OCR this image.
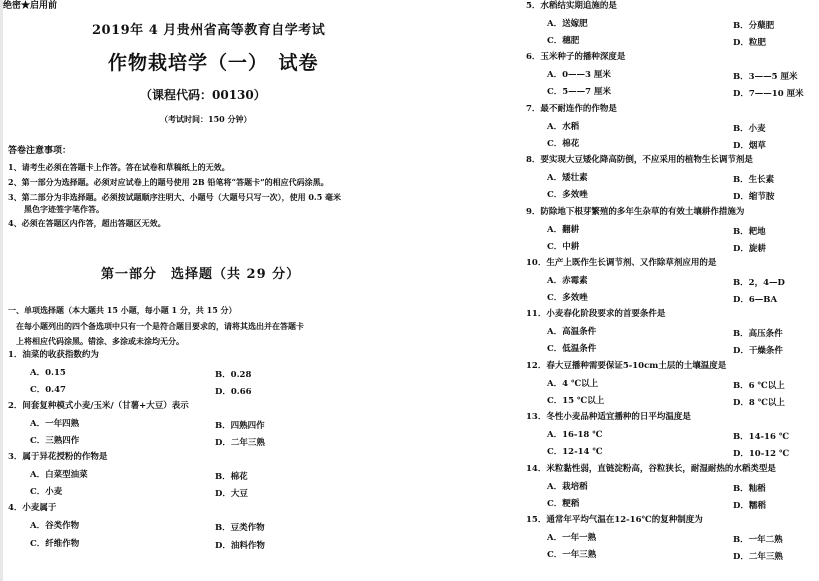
绝密★启用前
2019年 4 月贵州省高等教育自学考试
作物栽培学（一）　试卷
（课程代码：00130）
（考试时间：150 分钟）
答卷注意事项：
1、请考生必须在答题卡上作答。答在试卷和草稿纸上的无效。
2、第一部分为选择题。必须对应试卷上的题号使用 2B 铅笔将“答题卡”的相应代码涂黑。
3、第二部分为非选择题。必须按试题顺序注明大、小题号（大题号只写一次），使用 0.5 毫米
　　黑色字迹签字笔作答。
4、必须在答题区内作答，超出答题区无效。
第一部分　选择题（共 29 分）
一、单项选择题（本大题共 15 小题，每小题 1 分，共 15 分）
　在每小题列出的四个备选项中只有一个是符合题目要求的，请将其选出并在答题卡
　上将相应代码涂黑。错涂、多涂或未涂均无分。
1．油菜的收获指数约为
A．0.15	B．0.28
C．0.47	D．0.66
2．间套复种模式小麦/玉米/（甘薯+大豆）表示
A．一年四熟	B．四熟四作
C．三熟四作	D．二年三熟
3．属于异花授粉的作物是
A．白菜型油菜	B．棉花
C．小麦	D．大豆
4．小麦属于
A．谷类作物	B．豆类作物
C．纤维作物	D．油料作物
5．水稻结实期追施的是
A．送嫁肥	B．分蘖肥
C．穗肥	D．粒肥
6．玉米种子的播种深度是
A．0——3 厘米	B．3——5 厘米
C．5——7 厘米	D．7——10 厘米
7．最不耐连作的作物是
A．水稻	B．小麦
C．棉花	D．烟草
8．要实现大豆矮化降高防倒，不应采用的植物生长调节剂是
A．矮壮素	B．生长素
C．多效唑	D．缩节胺
9．防除地下根芽繁殖的多年生杂草的有效土壤耕作措施为
A．翻耕	B．耙地
C．中耕	D．旋耕
10．生产上既作生长调节剂、又作除草剂应用的是
A．赤霉素	B．2，4—D
C．多效唑	D．6—BA
11．小麦春化阶段要求的首要条件是
A．高温条件	B．高压条件
C．低温条件	D．干燥条件
12．春大豆播种需要保证5-10cm土层的土壤温度是
A．4 ℃以上	B．6 ℃以上
C．15 ℃以上	D．8 ℃以上
13．冬性小麦品种适宜播种的日平均温度是
A．16-18 ℃	B．14-16 ℃
C．12-14 ℃	D．10-12 ℃
14．米粒黏性弱，直链淀粉高，谷粒狭长，耐湿耐热的水稻类型是
A．栽培稻	B．籼稻
C．粳稻	D．糯稻
15．通常年平均气温在12-16℃的复种制度为
A．一年一熟	B．一年二熟
C．一年三熟	D．二年三熟
